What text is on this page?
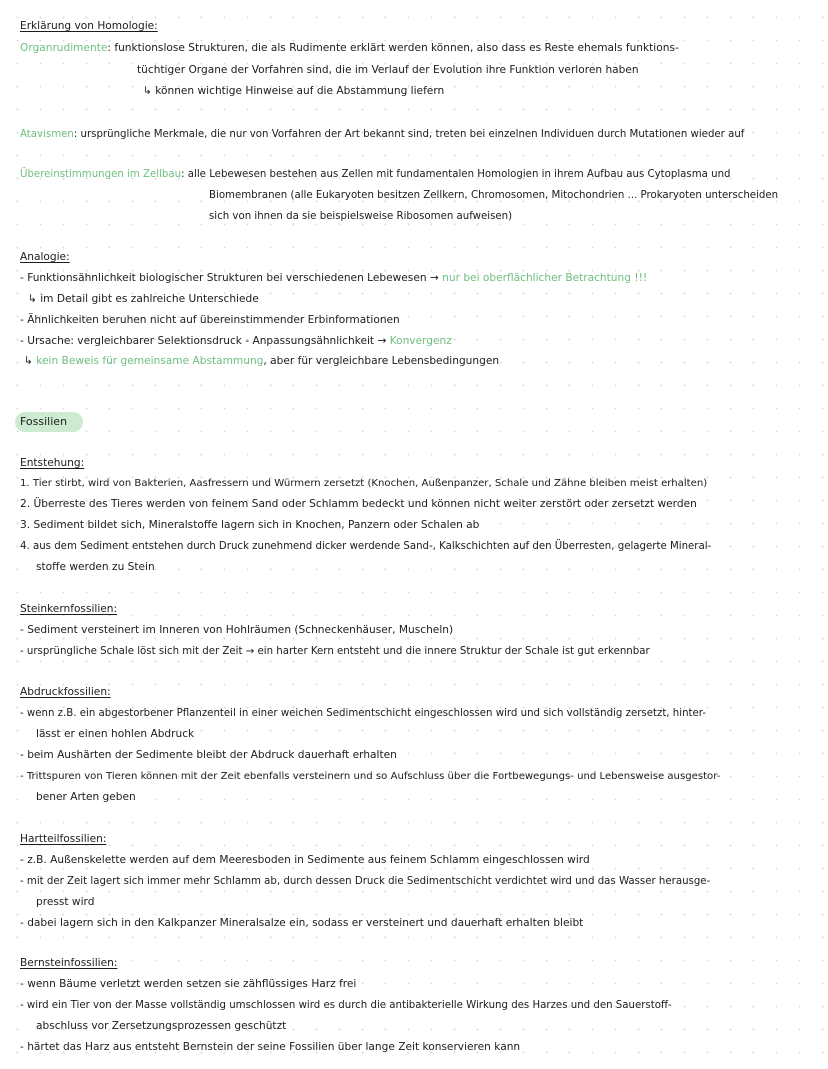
Erklärung von Homologie:
Organrudimente: funktionslose Strukturen, die als Rudimente erklärt werden können, also dass es Reste ehemals funktions-
tüchtiger Organe der Vorfahren sind, die im Verlauf der Evolution ihre Funktion verloren haben
↳ können wichtige Hinweise auf die Abstammung liefern
Atavismen: ursprüngliche Merkmale, die nur von Vorfahren der Art bekannt sind, treten bei einzelnen Individuen durch Mutationen wieder auf
Übereinstimmungen im Zellbau: alle Lebewesen bestehen aus Zellen mit fundamentalen Homologien in ihrem Aufbau aus Cytoplasma und
Biomembranen (alle Eukaryoten besitzen Zellkern, Chromosomen, Mitochondrien ... Prokaryoten unterscheiden
sich von ihnen da sie beispielsweise Ribosomen aufweisen)
Analogie:
- Funktionsähnlichkeit biologischer Strukturen bei verschiedenen Lebewesen → nur bei oberflächlicher Betrachtung !!!
↳ im Detail gibt es zahlreiche Unterschiede
- Ähnlichkeiten beruhen nicht auf übereinstimmender Erbinformationen
- Ursache: vergleichbarer Selektionsdruck - Anpassungsähnlichkeit → Konvergenz
↳ kein Beweis für gemeinsame Abstammung, aber für vergleichbare Lebensbedingungen
Fossilien
Entstehung:
1. Tier stirbt, wird von Bakterien, Aasfressern und Würmern zersetzt (Knochen, Außenpanzer, Schale und Zähne bleiben meist erhalten)
2. Überreste des Tieres werden von feinem Sand oder Schlamm bedeckt und können nicht weiter zerstört oder zersetzt werden
3. Sediment bildet sich, Mineralstoffe lagern sich in Knochen, Panzern oder Schalen ab
4. aus dem Sediment entstehen durch Druck zunehmend dicker werdende Sand-, Kalkschichten auf den Überresten, gelagerte Mineral-
stoffe werden zu Stein
Steinkernfossilien:
- Sediment versteinert im Inneren von Hohlräumen (Schneckenhäuser, Muscheln)
- ursprüngliche Schale löst sich mit der Zeit → ein harter Kern entsteht und die innere Struktur der Schale ist gut erkennbar
Abdruckfossilien:
- wenn z.B. ein abgestorbener Pflanzenteil in einer weichen Sedimentschicht eingeschlossen wird und sich vollständig zersetzt, hinter-
lässt er einen hohlen Abdruck
- beim Aushärten der Sedimente bleibt der Abdruck dauerhaft erhalten
- Trittspuren von Tieren können mit der Zeit ebenfalls versteinern und so Aufschluss über die Fortbewegungs- und Lebensweise ausgestor-
bener Arten geben
Hartteilfossilien:
- z.B. Außenskelette werden auf dem Meeresboden in Sedimente aus feinem Schlamm eingeschlossen wird
- mit der Zeit lagert sich immer mehr Schlamm ab, durch dessen Druck die Sedimentschicht verdichtet wird und das Wasser herausge-
presst wird
- dabei lagern sich in den Kalkpanzer Mineralsalze ein, sodass er versteinert und dauerhaft erhalten bleibt
Bernsteinfossilien:
- wenn Bäume verletzt werden setzen sie zähflüssiges Harz frei
- wird ein Tier von der Masse vollständig umschlossen wird es durch die antibakterielle Wirkung des Harzes und den Sauerstoff-
abschluss vor Zersetzungsprozessen geschützt
- härtet das Harz aus entsteht Bernstein der seine Fossilien über lange Zeit konservieren kann
